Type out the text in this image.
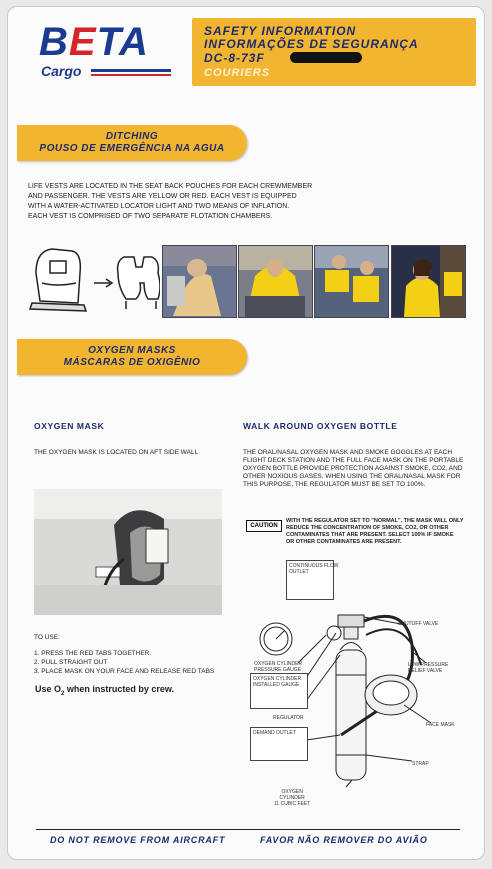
BETA
Cargo
SAFETY INFORMATION
INFORMAÇÕES DE SEGURANÇA
DC-8-73F
COURIERS
DITCHING
POUSO DE EMERGÊNCIA NA AGUA
LIFE VESTS ARE LOCATED IN THE SEAT BACK POUCHES FOR EACH CREWMEMBER
AND PASSENGER. THE VESTS ARE YELLOW OR RED. EACH VEST IS EQUIPPED
WITH A WATER-ACTIVATED LOCATOR LIGHT AND TWO MEANS OF INFLATION.
EACH VEST IS COMPRISED OF TWO SEPARATE FLOTATION CHAMBERS.
OXYGEN MASKS
MÁSCARAS DE OXIGÊNIO
OXYGEN MASK
THE OXYGEN MASK IS LOCATED ON AFT SIDE WALL
TO USE:
1. PRESS THE RED TABS TOGETHER.
2. PULL STRAIGHT OUT
3. PLACE MASK ON YOUR FACE AND RELEASE RED TABS
Use $O_2$ when instructed by crew.
WALK AROUND OXYGEN BOTTLE
THE ORAL/NASAL OXYGEN MASK AND SMOKE GOGGLES AT EACH
FLIGHT DECK STATION AND THE FULL FACE MASK ON THE PORTABLE
OXYGEN BOTTLE PROVIDE PROTECTION AGAINST SMOKE, CO2, AND
OTHER NOXIOUS GASES. WHEN USING THE ORAL/NASAL MASK FOR
THIS PURPOSE, THE REGULATOR MUST BE SET TO 100%.
CAUTION
WITH THE REGULATOR SET TO "NORMAL", THE MASK WILL ONLY
REDUCE THE CONCENTRATION OF SMOKE, CO2, OR OTHER
CONTAMINATES THAT ARE PRESENT. SELECT 100% IF SMOKE
OR OTHER CONTAMINATES ARE PRESENT.
CONTINUOUS FLOW
OUTLET
OXYGEN CYLINDER
INSTALLED GAUGE
DEMAND OUTLET
SHUTOFF VALVE
LOW PRESSURE
RELIEF VALVE
FACE MASK
STRAP
REGULATOR
OXYGEN CYLINDER
PRESSURE GAUGE
OXYGEN
CYLINDER
11 CUBIC FEET
DO NOT REMOVE FROM AIRCRAFT	FAVOR NÃO REMOVER DO AVIÃO
